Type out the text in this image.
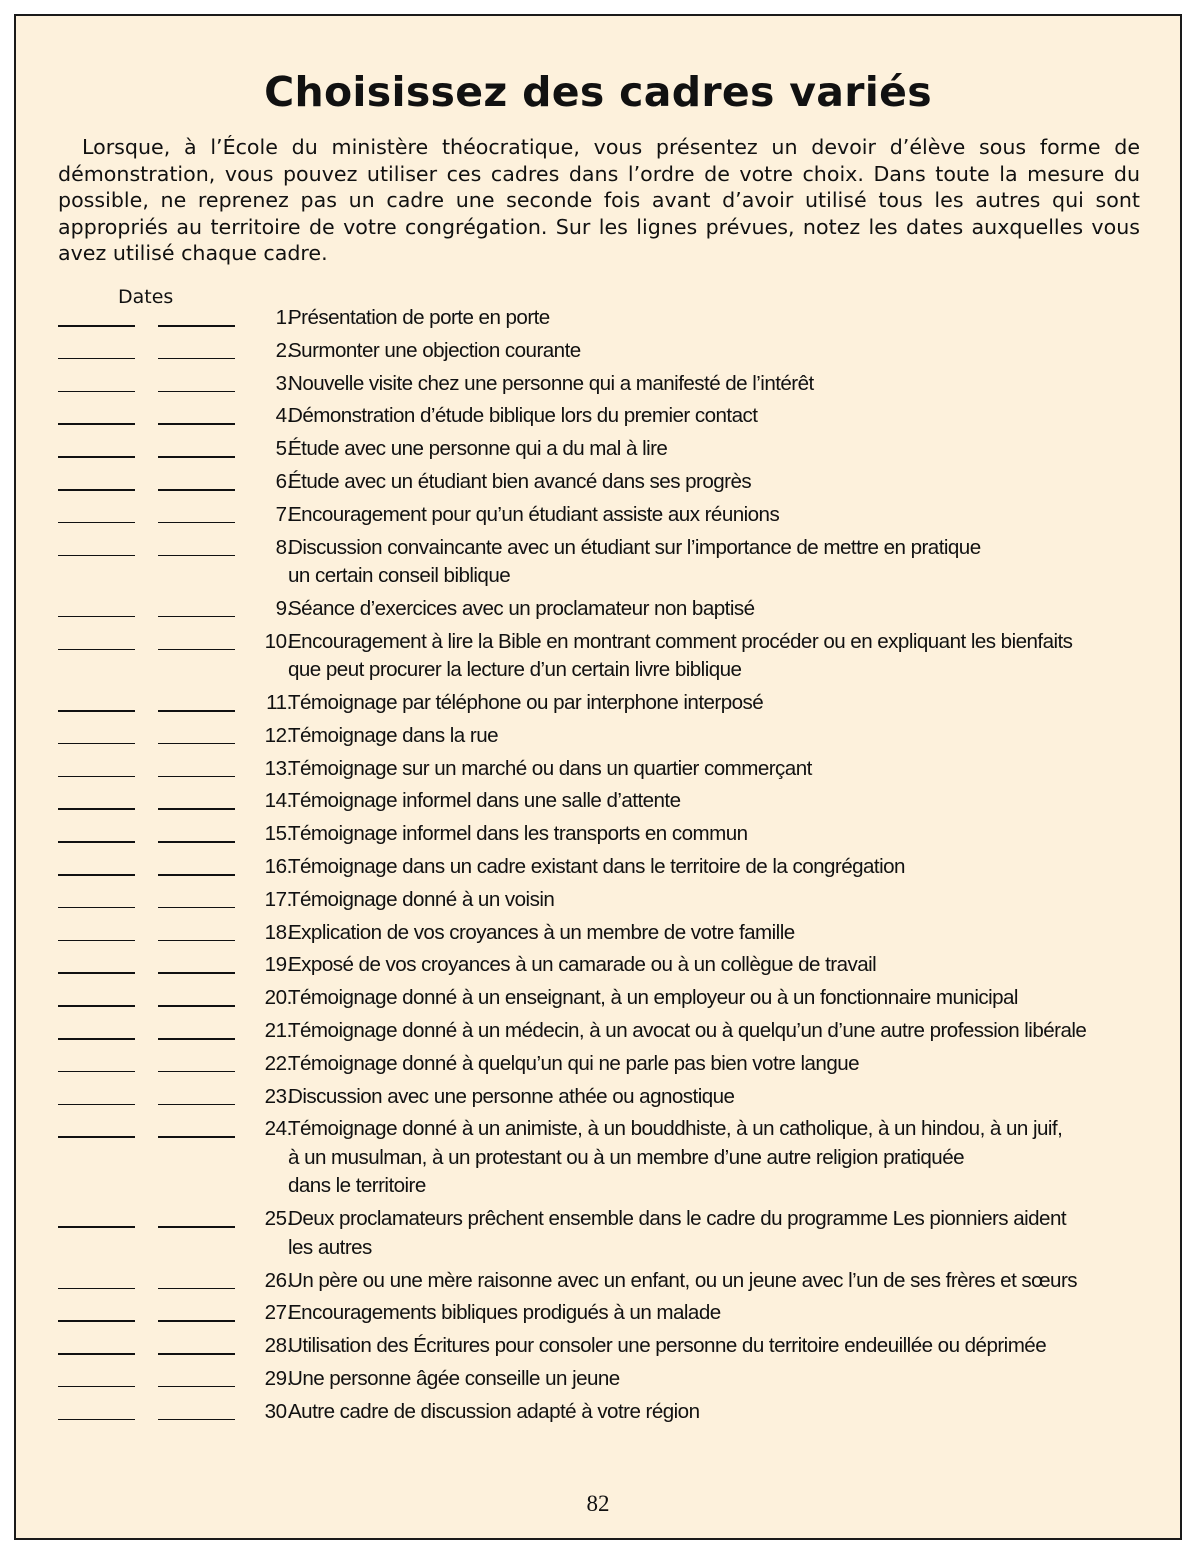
Choisissez des cadres variés

Lorsque, à l’École du ministère théocratique, vous présentez un devoir d’élève sous forme de démonstration, vous pouvez utiliser ces cadres dans l’ordre de votre choix. Dans toute la mesure du possible, ne reprenez pas un cadre une seconde fois avant d’avoir utilisé tous les autres qui sont appropriés au territoire de votre congrégation. Sur les lignes prévues, notez les dates auxquelles vous avez utilisé chaque cadre.

Dates
1.
Présentation de porte en porte
2.
Surmonter une objection courante
3.
Nouvelle visite chez une personne qui a manifesté de l’intérêt
4.
Démonstration d’étude biblique lors du premier contact
5.
Étude avec une personne qui a du mal à lire
6.
Étude avec un étudiant bien avancé dans ses progrès
7.
Encouragement pour qu’un étudiant assiste aux réunions
8.
Discussion convaincante avec un étudiant sur l’importance de mettre en pratique
un certain conseil biblique
9.
Séance d’exercices avec un proclamateur non baptisé
10.
Encouragement à lire la Bible en montrant comment procéder ou en expliquant les bienfaits
que peut procurer la lecture d’un certain livre biblique
11.
Témoignage par téléphone ou par interphone interposé
12.
Témoignage dans la rue
13.
Témoignage sur un marché ou dans un quartier commerçant
14.
Témoignage informel dans une salle d’attente
15.
Témoignage informel dans les transports en commun
16.
Témoignage dans un cadre existant dans le territoire de la congrégation
17.
Témoignage donné à un voisin
18.
Explication de vos croyances à un membre de votre famille
19.
Exposé de vos croyances à un camarade ou à un collègue de travail
20.
Témoignage donné à un enseignant, à un employeur ou à un fonctionnaire municipal
21.
Témoignage donné à un médecin, à un avocat ou à quelqu’un d’une autre profession libérale
22.
Témoignage donné à quelqu’un qui ne parle pas bien votre langue
23.
Discussion avec une personne athée ou agnostique
24.
Témoignage donné à un animiste, à un bouddhiste, à un catholique, à un hindou, à un juif,
à un musulman, à un protestant ou à un membre d’une autre religion pratiquée
dans le territoire
25.
Deux proclamateurs prêchent ensemble dans le cadre du programme Les pionniers aident
les autres
26.
Un père ou une mère raisonne avec un enfant, ou un jeune avec l’un de ses frères et sœurs
27.
Encouragements bibliques prodigués à un malade
28.
Utilisation des Écritures pour consoler une personne du territoire endeuillée ou déprimée
29.
Une personne âgée conseille un jeune
30.
Autre cadre de discussion adapté à votre région
82
